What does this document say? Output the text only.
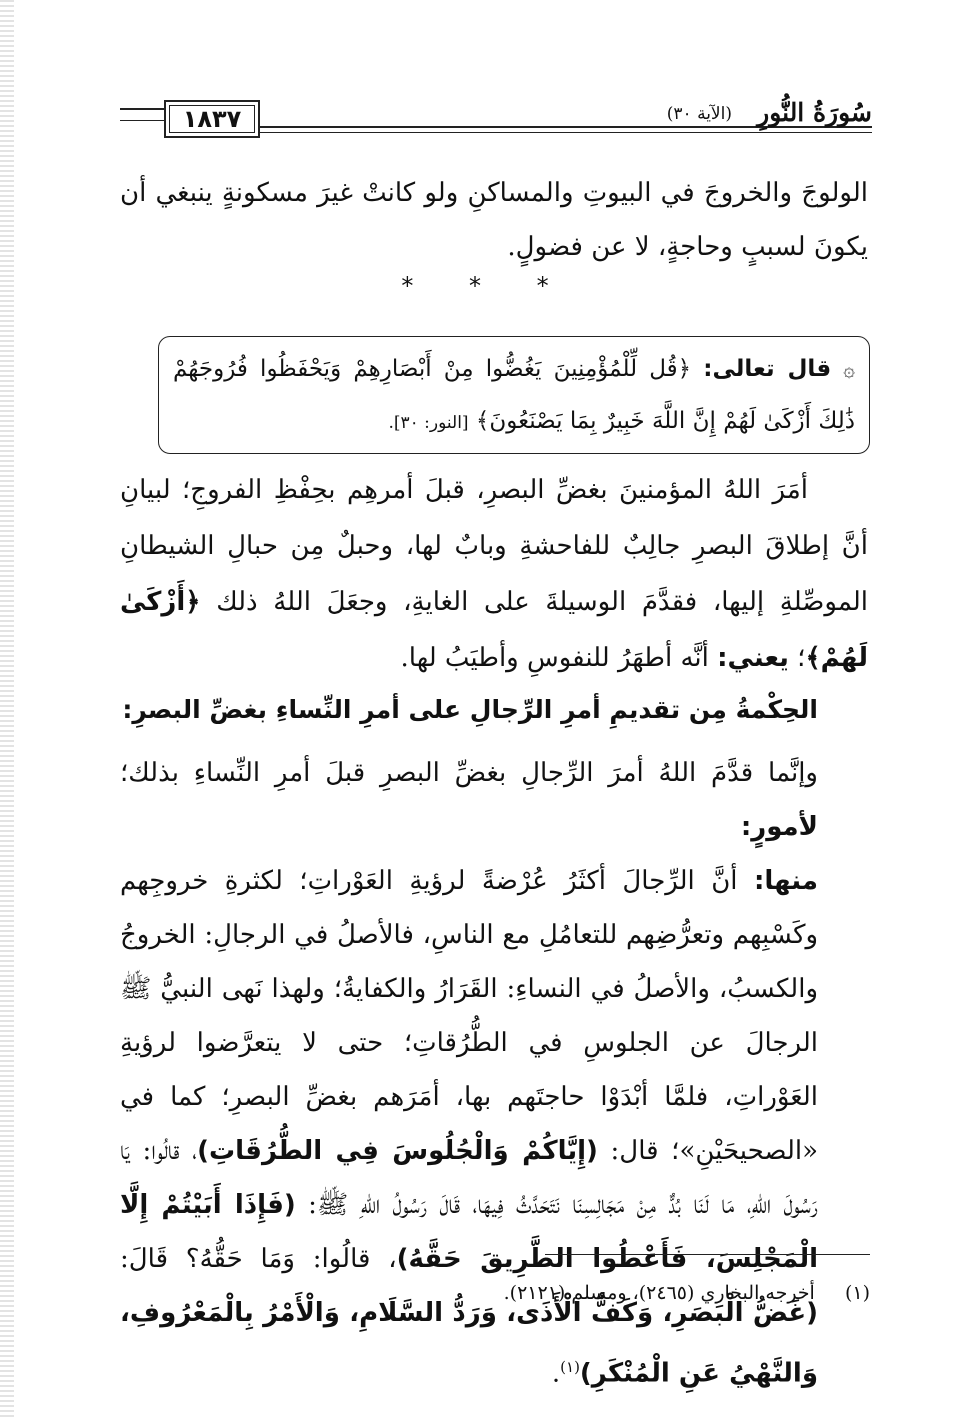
١٨٣٧	سُورَةُ النُّورِ
(الآية ٣٠)
الولوجَ والخروجَ في البيوتِ والمساكنِ ولو كانتْ غيرَ مسكونةٍ ينبغي أن يكونَ لسببٍ وحاجةٍ، لا عن فضولٍ.
* * *
۞ قال تعالى: ﴿قُل لِّلْمُؤْمِنِينَ يَغُضُّوا مِنْ أَبْصَارِهِمْ وَيَحْفَظُوا فُرُوجَهُمْ ذَٰلِكَ أَزْكَىٰ لَهُمْ إِنَّ اللَّهَ خَبِيرٌ بِمَا يَصْنَعُونَ﴾ [النور: ٣٠].
أمَرَ اللهُ المؤمنينَ بغضِّ البصرِ، قبلَ أمرهِم بحِفْظِ الفروجِ؛ لبيانِ أنَّ إطلاقَ البصرِ جالِبٌ للفاحشةِ وبابٌ لها، وحبلٌ مِن حبالِ الشيطانِ الموصِّلةِ إليها، فقدَّمَ الوسيلةَ على الغايةِ، وجعَلَ اللهُ ذلك ﴿أَزْكَىٰ لَهُمْ﴾؛ يعني: أنَّه أطهَرُ للنفوسِ وأطيَبُ لها.
الحِكْمةُ مِن تقديمِ أمرِ الرِّجالِ على أمرِ النِّساءِ بغضِّ البصرِ:
وإنَّما قدَّمَ اللهُ أمرَ الرِّجالِ بغضِّ البصرِ قبلَ أمرِ النِّساءِ بذلك؛ لأمورٍ:
منها: أنَّ الرِّجالَ أكثَرُ عُرْضةً لرؤيةِ العَوْراتِ؛ لكثرةِ خروجِهم وكَسْبِهم وتعرُّضِهم للتعامُلِ مع الناسِ، فالأصلُ في الرجالِ: الخروجُ والكسبُ، والأصلُ في النساءِ: القَرَارُ والكفايةُ؛ ولهذا نَهى النبيُّ ﷺ الرجالَ عن الجلوسِ في الطُّرُقاتِ؛ حتى لا يتعرَّضوا لرؤيةِ العَوْراتِ، فلمَّا أبْدَوْا حاجتَهم بها، أمَرَهم بغضِّ البصرِ؛ كما في «الصحيحَيْنِ»؛ قال: (إِيَّاكُمْ وَالْجُلُوسَ فِي الطُّرُقَاتِ)، قالُوا: يَا رَسُولَ اللهِ، مَا لَنَا بُدٌّ مِنْ مَجَالِسِنَا نَتَحَدَّثُ فِيهَا، قَالَ رَسُولُ اللهِ ﷺ: (فَإِذَا أَبَيْتُمْ إِلَّا الْمَجْلِسَ، فَأَعْطُوا الطَّرِيقَ حَقَّهُ)، قالُوا: وَمَا حَقُّهُ؟ قَالَ: (غَضُّ الْبَصَرِ، وَكَفُّ الْأَذَى، وَرَدُّ السَّلَامِ، وَالْأَمْرُ بِالْمَعْرُوفِ، وَالنَّهْيُ عَنِ الْمُنْكَرِ)$^{(١)}$.
(١)  أخرجه البخاري (٢٤٦٥)، ومسلم (٢١٢١).
